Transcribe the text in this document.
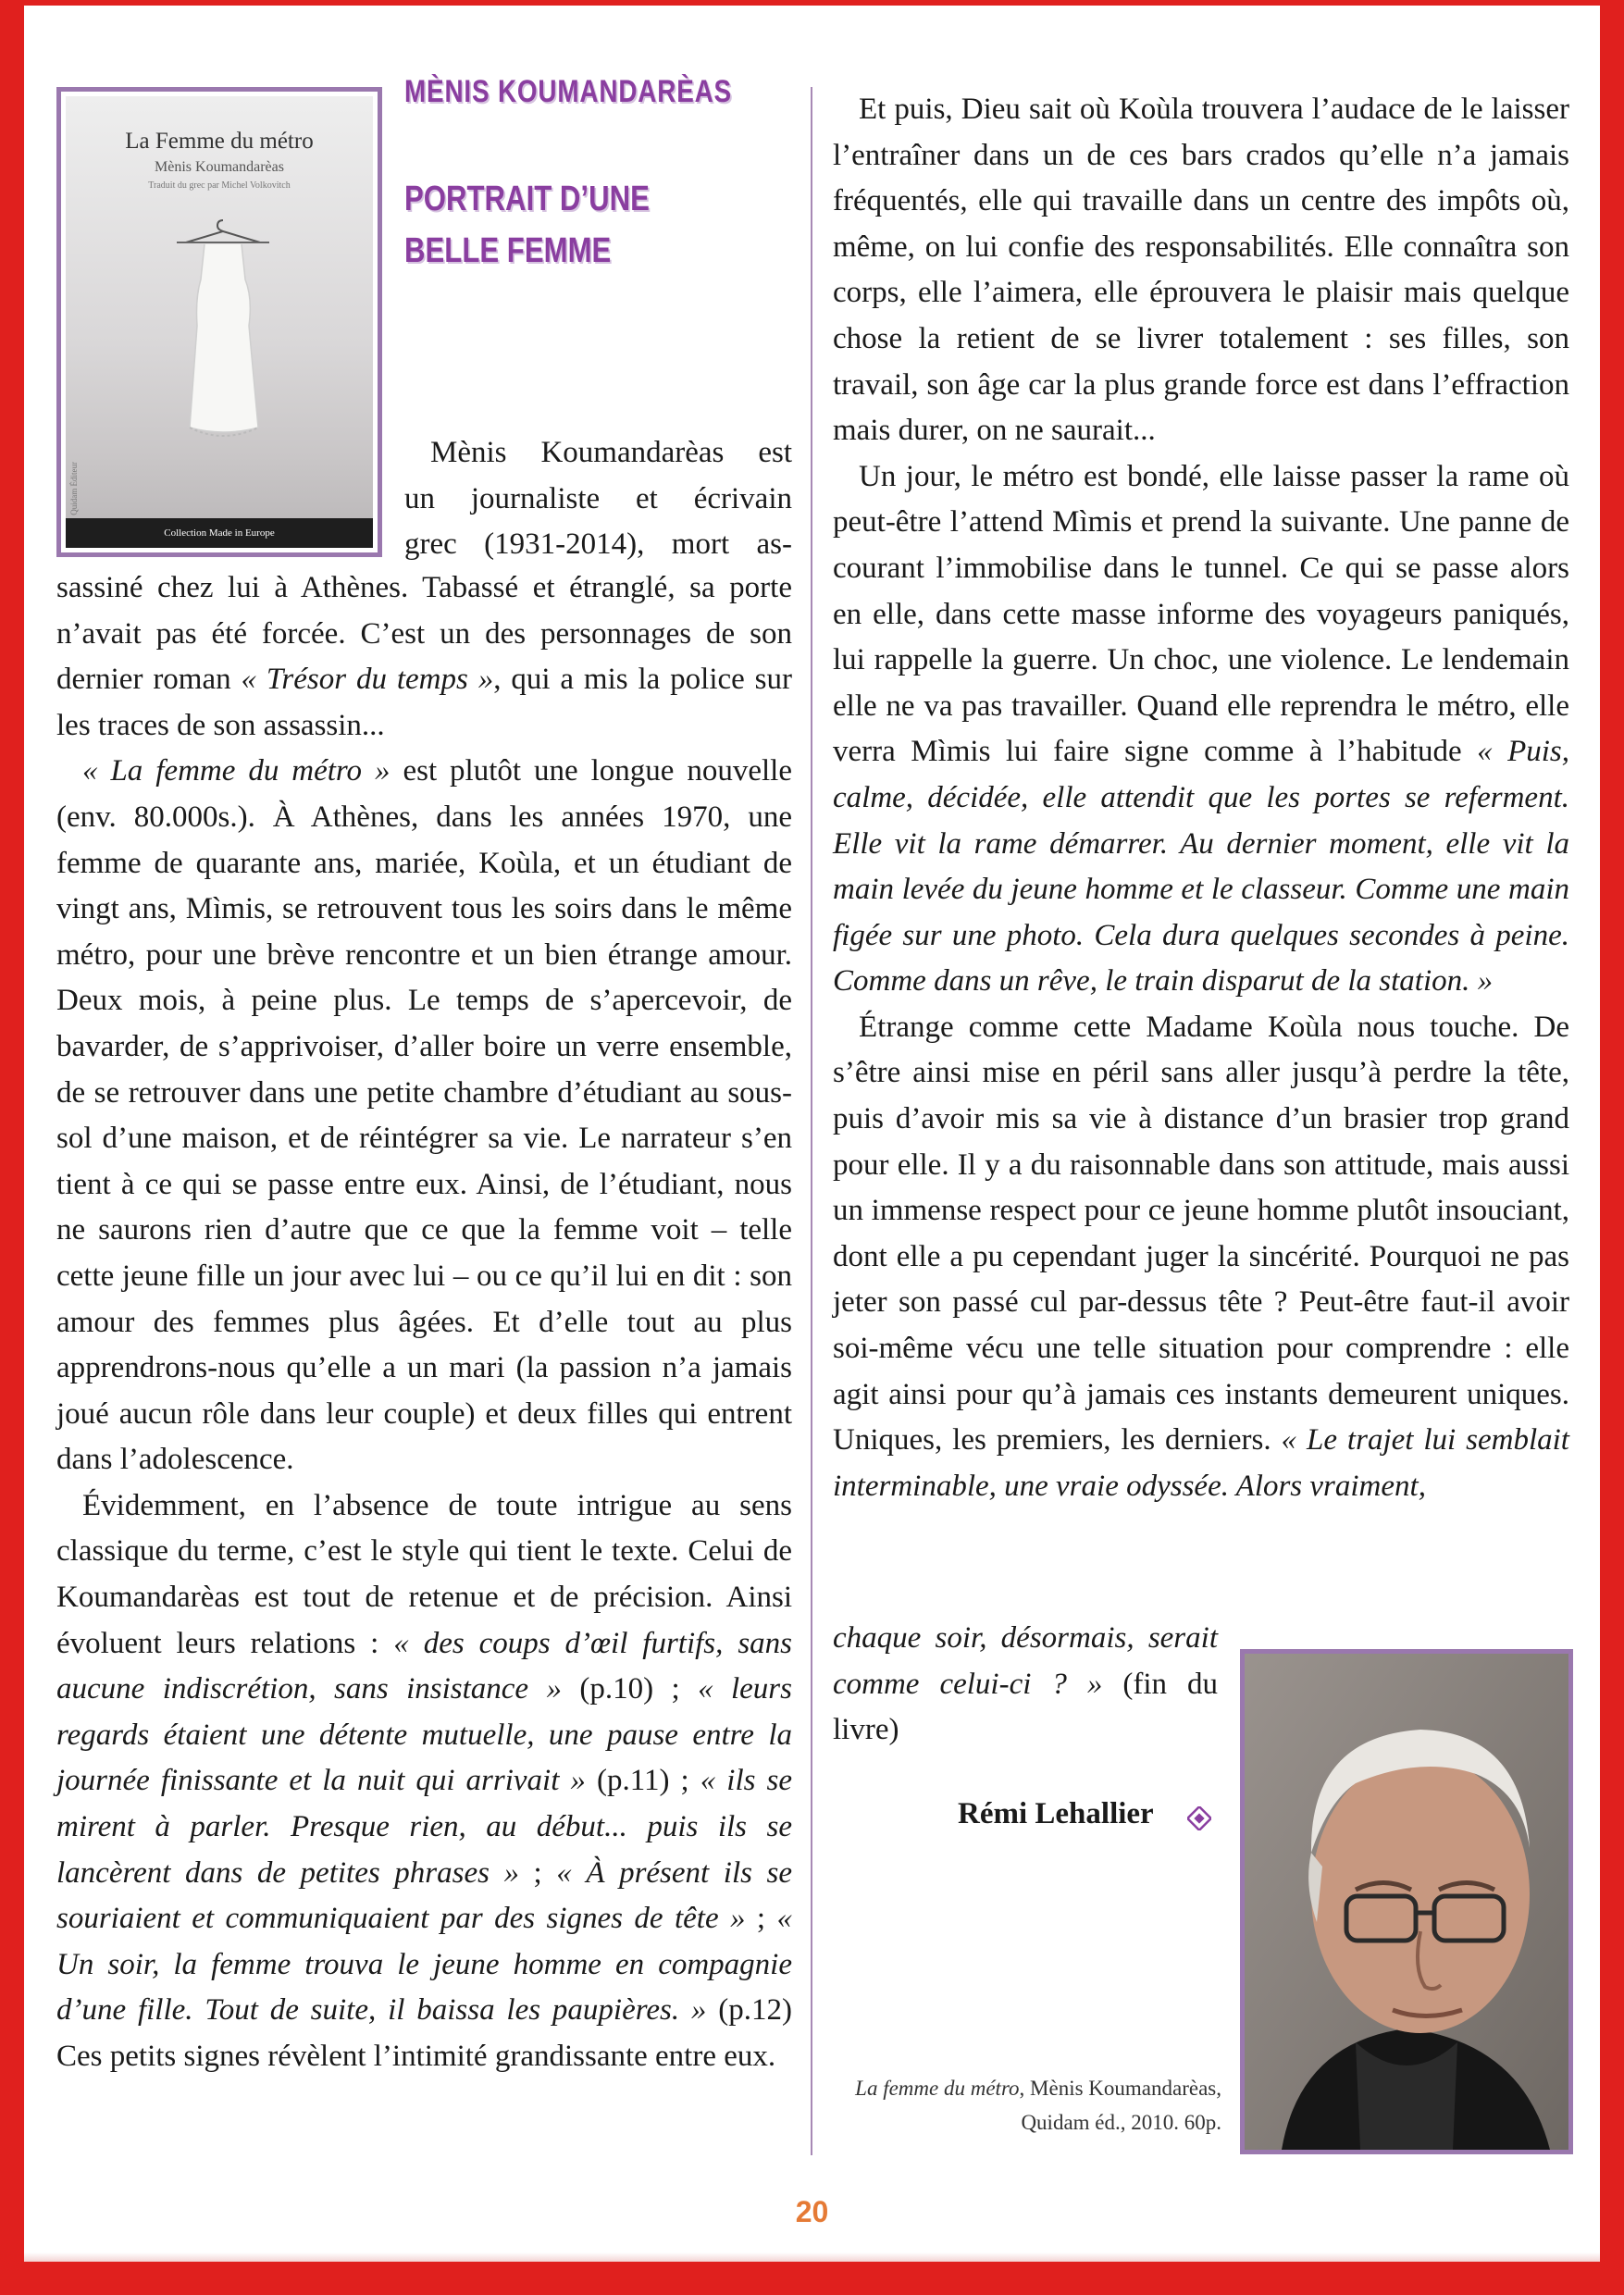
La Femme du métro
Mènis Koumandarèas
Traduit du grec par Michel Volkovitch
Quidam Éditeur
Collection Made in Europe
MÈNIS KOUMANDARÈAS
PORTRAIT D’UNE
BELLE FEMME
Mènis Koumandarèas est
un journaliste et écrivain
grec (1931-2014), mort as-

sassiné chez lui à Athènes. Tabassé et étranglé, sa porte n’avait pas été forcée. C’est un des personnages de son dernier roman « Trésor du temps », qui a mis la police sur les traces de son assassin...

« La femme du métro » est plutôt une longue nouvelle (env. 80.000s.). À Athènes, dans les années 1970, une femme de quarante ans, mariée, Koùla, et un étudiant de vingt ans, Mìmis, se retrouvent tous les soirs dans le même métro, pour une brève rencontre et un bien étrange amour. Deux mois, à peine plus. Le temps de s’apercevoir, de bavarder, de s’apprivoiser, d’aller boire un verre ensemble, de se retrouver dans une petite chambre d’étudiant au sous-sol d’une maison, et de réintégrer sa vie. Le narrateur s’en tient à ce qui se passe entre eux. Ainsi, de l’étudiant, nous ne saurons rien d’autre que ce que la femme voit – telle cette jeune fille un jour avec lui – ou ce qu’il lui en dit : son amour des femmes plus âgées. Et d’elle tout au plus apprendrons-nous qu’elle a un mari (la passion n’a jamais joué aucun rôle dans leur couple) et deux filles qui entrent dans l’adolescence.

Évidemment, en l’absence de toute intrigue au sens classique du terme, c’est le style qui tient le texte. Celui de Koumandarèas est tout de retenue et de précision. Ainsi évoluent leurs relations : « des coups d’œil furtifs, sans aucune indiscrétion, sans insistance » (p.10) ; « leurs regards étaient une détente mutuelle, une pause entre la journée finissante et la nuit qui arrivait » (p.11) ; « ils se mirent à parler. Presque rien, au début... puis ils se lancèrent dans de petites phrases » ; « À présent ils se souriaient et communiquaient par des signes de tête » ; « Un soir, la femme trouva le jeune homme en compagnie d’une fille. Tout de suite, il baissa les paupières. » (p.12) Ces petits signes révèlent l’intimité grandissante entre eux.

Et puis, Dieu sait où Koùla trouvera l’audace de le laisser l’entraîner dans un de ces bars crados qu’elle n’a jamais fréquentés, elle qui travaille dans un centre des impôts où, même, on lui confie des responsabilités. Elle connaîtra son corps, elle l’aimera, elle éprouvera le plaisir mais quelque chose la retient de se livrer totalement : ses filles, son travail, son âge car la plus grande force est dans l’effraction mais durer, on ne saurait...

Un jour, le métro est bondé, elle laisse passer la rame où peut-être l’attend Mìmis et prend la suivante. Une panne de courant l’immobilise dans le tunnel. Ce qui se passe alors en elle, dans cette masse informe des voyageurs paniqués, lui rappelle la guerre. Un choc, une violence. Le lendemain elle ne va pas travailler. Quand elle reprendra le métro, elle verra Mìmis lui faire signe comme à l’habitude « Puis, calme, décidée, elle attendit que les portes se referment. Elle vit la rame démarrer. Au dernier moment, elle vit la main levée du jeune homme et le classeur. Comme une main figée sur une photo. Cela dura quelques secondes à peine. Comme dans un rêve, le train disparut de la station. »

Étrange comme cette Madame Koùla nous touche. De s’être ainsi mise en péril sans aller jusqu’à perdre la tête, puis d’avoir mis sa vie à distance d’un brasier trop grand pour elle. Il y a du raisonnable dans son attitude, mais aussi un immense respect pour ce jeune homme plutôt insouciant, dont elle a pu cependant juger la sincérité. Pourquoi ne pas jeter son passé cul par-dessus tête ? Peut-être faut-il avoir soi-même vécu une telle situation pour comprendre : elle agit ainsi pour qu’à jamais ces instants demeurent uniques. Uniques, les premiers, les derniers. « Le trajet lui semblait interminable, une vraie odyssée. Alors vraiment,

chaque soir, désormais, serait
comme celui-ci ? » (fin du
livre)
Rémi Lehallier
La femme du métro, Mènis Koumandarèas, Quidam éd., 2010. 60p.
20
